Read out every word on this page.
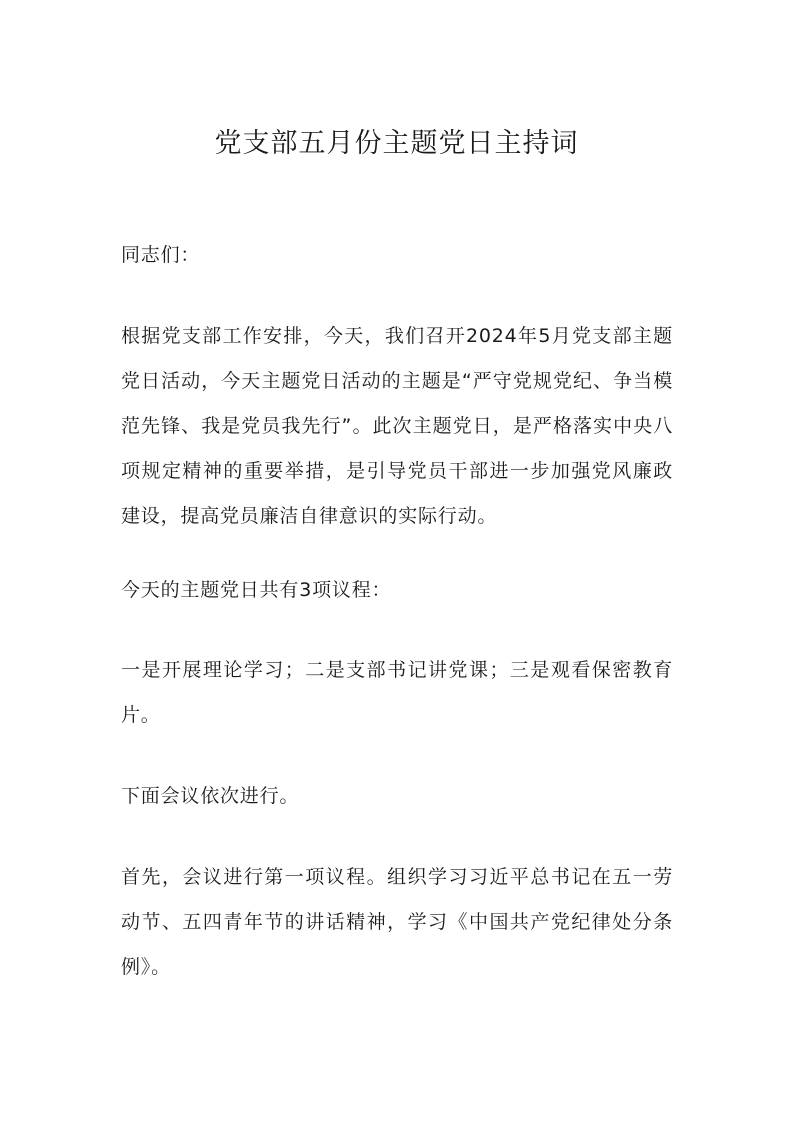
党支部五月份主题党日主持词

同志们：

根据党支部工作安排，今天，我们召开2024年5月党支部主题党日活动，今天主题党日活动的主题是“严守党规党纪、争当模范先锋、我是党员我先行”。此次主题党日，是严格落实中央八项规定精神的重要举措，是引导党员干部进一步加强党风廉政建设，提高党员廉洁自律意识的实际行动。

今天的主题党日共有3项议程：

一是开展理论学习；二是支部书记讲党课；三是观看保密教育片。

下面会议依次进行。

首先，会议进行第一项议程。组织学习习近平总书记在五一劳动节、五四青年节的讲话精神，学习《中国共产党纪律处分条例》。
